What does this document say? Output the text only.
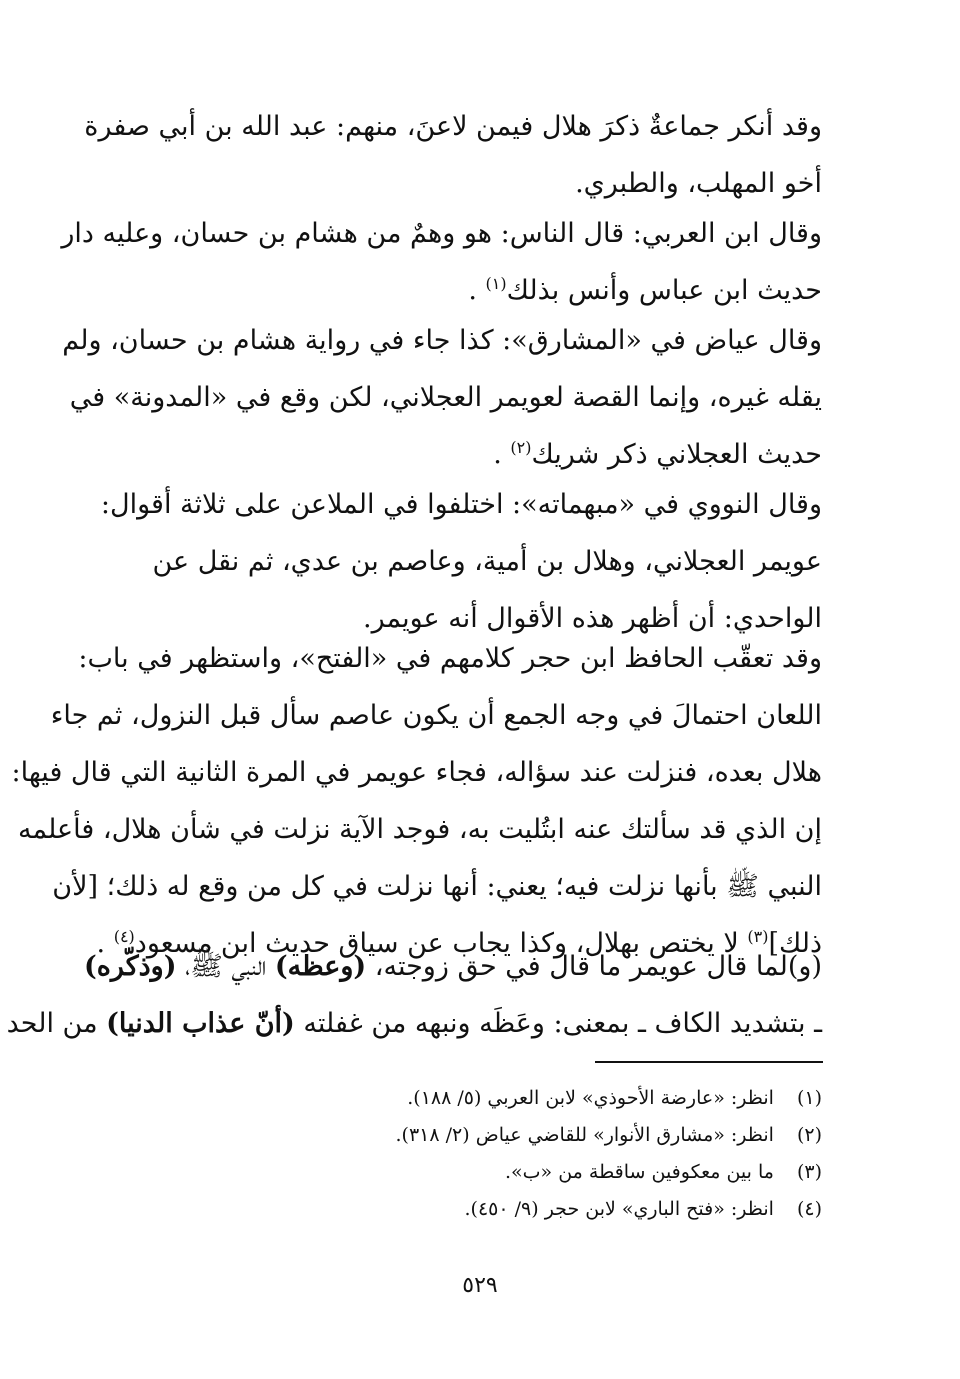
وقد أنكر جماعةٌ ذكرَ هلال فيمن لاعنَ، منهم: عبد الله بن أبي صفرة
أخو المهلب، والطبري.

وقال ابن العربي: قال الناس: هو وهمٌ من هشام بن حسان، وعليه دار
حديث ابن عباس وأنس بذلك$^{(١)}$ .

وقال عياض في «المشارق»: كذا جاء في رواية هشام بن حسان، ولم
يقله غيره، وإنما القصة لعويمر العجلاني، لكن وقع في «المدونة» في
حديث العجلاني ذكر شريك$^{(٢)}$ .

وقال النووي في «مبهماته»: اختلفوا في الملاعن على ثلاثة أقوال:
عويمر العجلاني، وهلال بن أمية، وعاصم بن عدي، ثم نقل عن
الواحدي: أن أظهر هذه الأقوال أنه عويمر.

وقد تعقّب الحافظ ابن حجر كلامهم في «الفتح»، واستظهر في باب:
اللعان احتمالَ في وجه الجمع أن يكون عاصم سأل قبل النزول، ثم جاء
هلال بعده، فنزلت عند سؤاله، فجاء عويمر في المرة الثانية التي قال فيها:
إن الذي قد سألتك عنه ابتُليت به، فوجد الآية نزلت في شأن هلال، فأعلمه
النبي ﷺ بأنها نزلت فيه؛ يعني: أنها نزلت في كل من وقع له ذلك؛ [لأن
ذلك]$^{(٣)}$ لا يختص بهلال، وكذا يجاب عن سياق حديث ابن مسعود$^{(٤)}$ .

(و)لما قال عويمر ما قال في حق زوجته، (وعظه) النبي ﷺ، (وذكّره)
ـ بتشديد الكاف ـ بمعنى: وعَظَه ونبهه من غفلته (أنّ عذاب الدنيا) من الحد

(١) انظر: «عارضة الأحوذي» لابن العربي (٥/ ١٨٨).
(٢) انظر: «مشارق الأنوار» للقاضي عياض (٢/ ٣١٨).
(٣) ما بين معكوفين ساقطة من «ب».
(٤) انظر: «فتح الباري» لابن حجر (٩/ ٤٥٠).
٥٢٩
